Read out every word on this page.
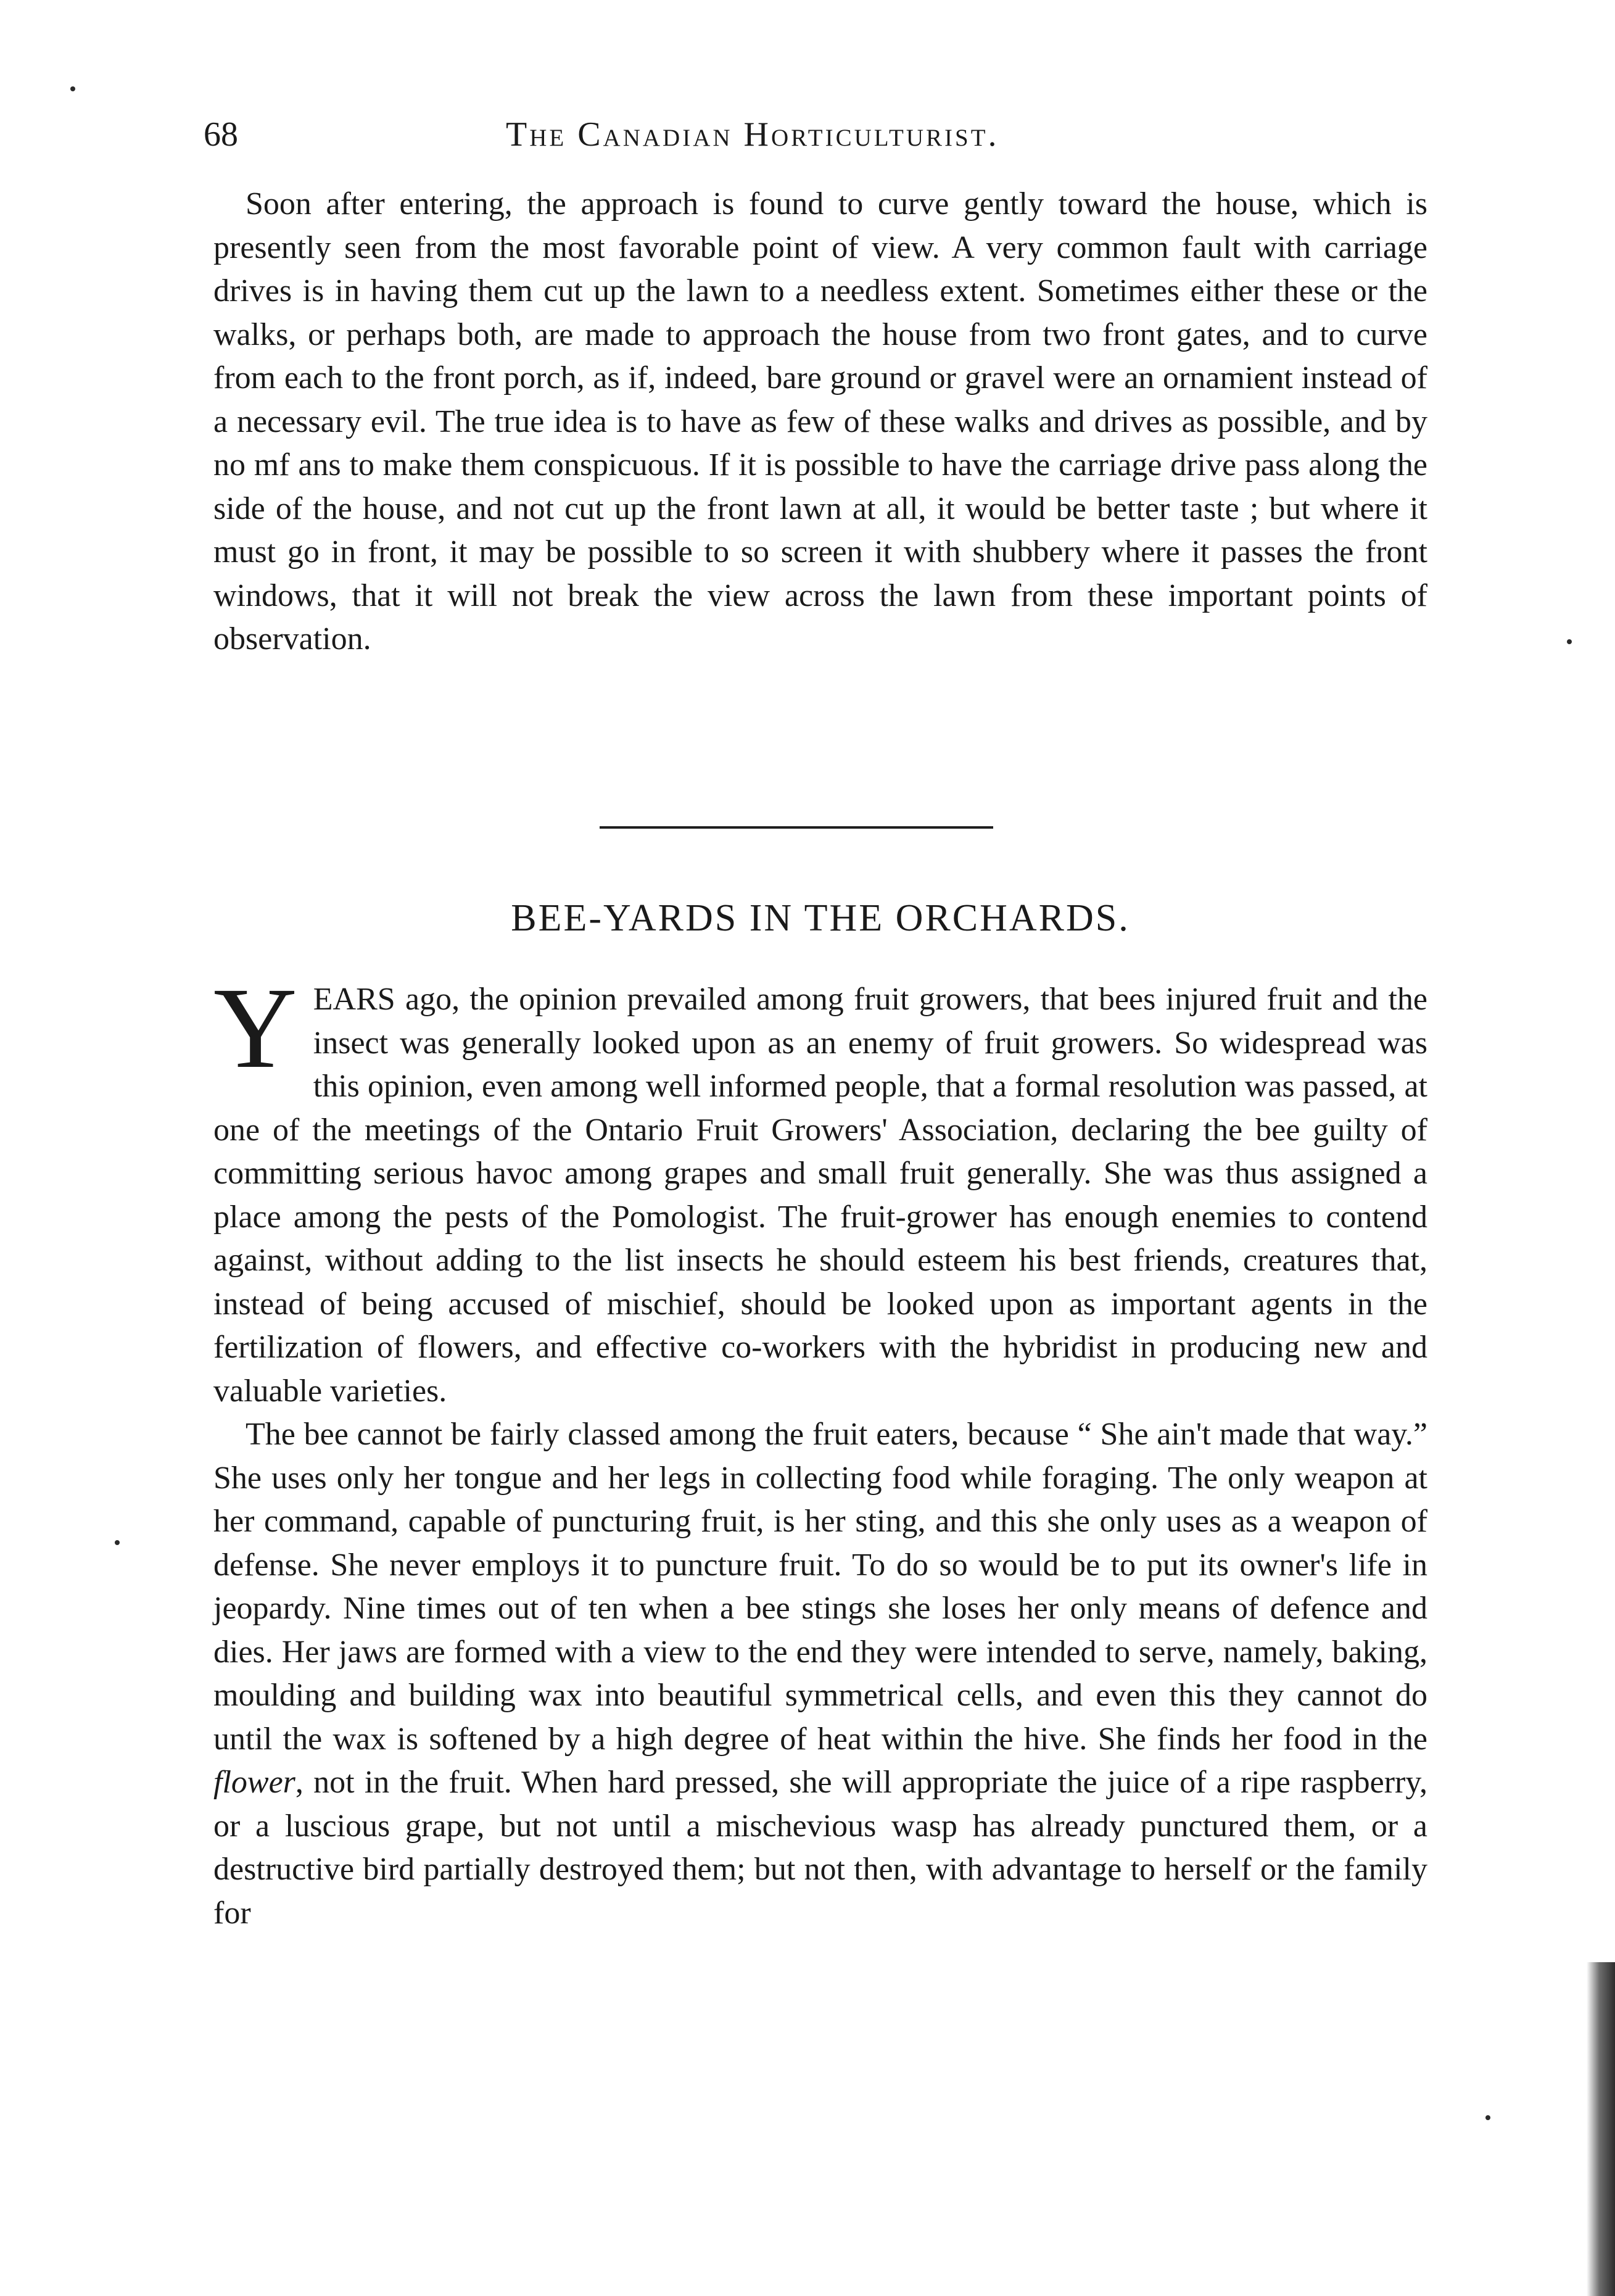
68	The Canadian Horticulturist.

Soon after entering, the approach is found to curve gently toward the house, which is presently seen from the most favorable point of view. A very common fault with carriage drives is in having them cut up the lawn to a needless extent. Sometimes either these or the walks, or perhaps both, are made to approach the house from two front gates, and to curve from each to the front porch, as if, indeed, bare ground or gravel were an ornamient instead of a necessary evil. The true idea is to have as few of these walks and drives as possible, and by no mf ans to make them conspicuous. If it is possible to have the carriage drive pass along the side of the house, and not cut up the front lawn at all, it would be better taste ; but where it must go in front, it may be possible to so screen it with shubbery where it passes the front windows, that it will not break the view across the lawn from these important points of observation.

BEE-YARDS IN THE ORCHARDS.

YEARS ago, the opinion prevailed among fruit growers, that bees injured fruit and the insect was generally looked upon as an enemy of fruit growers. So widespread was this opinion, even among well informed people, that a formal resolution was passed, at one of the meetings of the Ontario Fruit Growers' Association, declaring the bee guilty of committing serious havoc among grapes and small fruit generally. She was thus assigned a place among the pests of the Pomologist. The fruit-grower has enough enemies to contend against, without adding to the list insects he should esteem his best friends, creatures that, instead of being accused of mischief, should be looked upon as important agents in the fertilization of flowers, and effective co-workers with the hybridist in producing new and valuable varieties.

The bee cannot be fairly classed among the fruit eaters, because “ She ain't made that way.” She uses only her tongue and her legs in collecting food while foraging. The only weapon at her command, capable of puncturing fruit, is her sting, and this she only uses as a weapon of defense. She never employs it to puncture fruit. To do so would be to put its owner's life in jeopardy. Nine times out of ten when a bee stings she loses her only means of defence and dies. Her jaws are formed with a view to the end they were intended to serve, namely, baking, moulding and building wax into beautiful symmetrical cells, and even this they cannot do until the wax is softened by a high degree of heat within the hive. She finds her food in the flower, not in the fruit. When hard pressed, she will appropriate the juice of a ripe raspberry, or a luscious grape, but not until a mischevious wasp has already punctured them, or a destructive bird partially destroyed them; but not then, with advantage to herself or the family for
